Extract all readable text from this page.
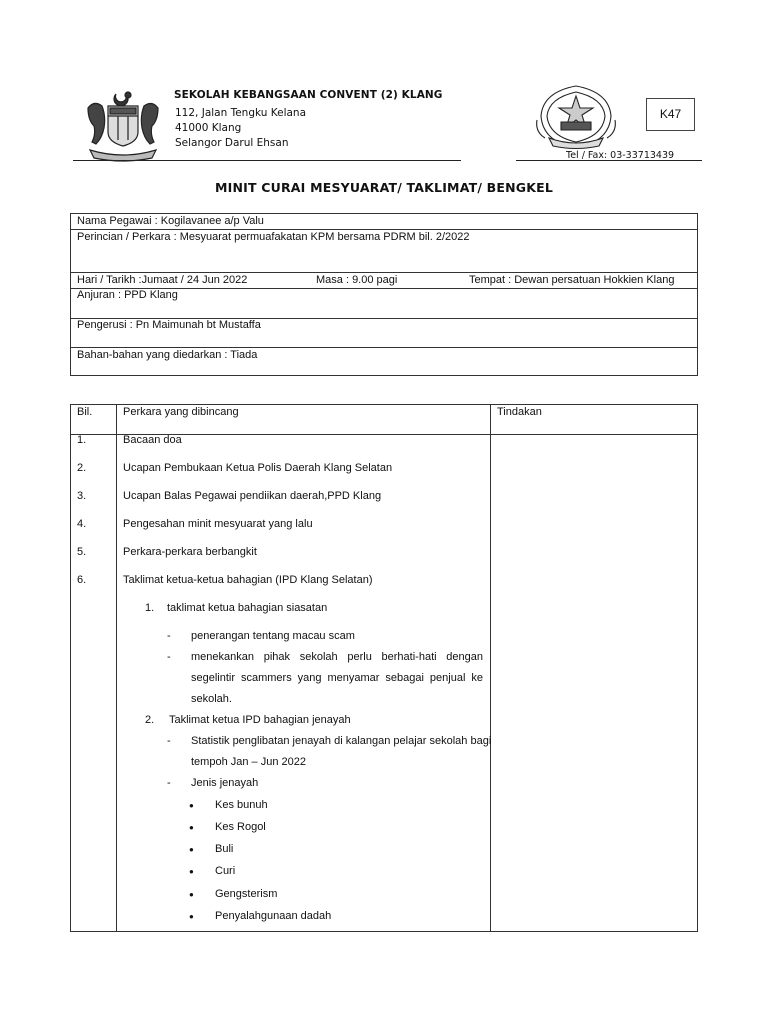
SEKOLAH KEBANGSAAN CONVENT (2) KLANG
112, Jalan Tengku Kelana
41000 Klang
Selangor Darul Ehsan
K47
Tel / Fax: 03-33713439
MINIT CURAI MESYUARAT/ TAKLIMAT/ BENGKEL
Nama Pegawai : Kogilavanee a/p Valu
Perincian / Perkara : Mesyuarat permuafakatan KPM bersama PDRM bil. 2/2022
Hari / Tarikh :Jumaat / 24 Jun 2022	Masa : 9.00 pagi	Tempat : Dewan persatuan Hokkien Klang
Anjuran : PPD Klang
Pengerusi : Pn Maimunah bt Mustaffa
Bahan-bahan yang diedarkan : Tiada
Bil.	Perkara yang dibincang	Tindakan
1.	Bacaan doa
2.	Ucapan Pembukaan Ketua Polis Daerah Klang Selatan
3.	Ucapan Balas Pegawai pendiikan daerah,PPD Klang
4.	Pengesahan minit mesyuarat yang lalu
5.	Perkara-perkara berbangkit
6.	Taklimat ketua-ketua bahagian (IPD Klang Selatan)
1. taklimat ketua bahagian siasatan
- penerangan tentang macau scam
- menekankan pihak sekolah perlu berhati-hati dengan
segelintir scammers yang menyamar sebagai penjual ke
sekolah.
2. Taklimat ketua IPD bahagian jenayah
- Statistik penglibatan jenayah di kalangan pelajar sekolah bagi
tempoh Jan – Jun 2022
- Jenis jenayah
● Kes bunuh
● Kes Rogol
● Buli
● Curi
● Gengsterism
● Penyalahgunaan dadah
